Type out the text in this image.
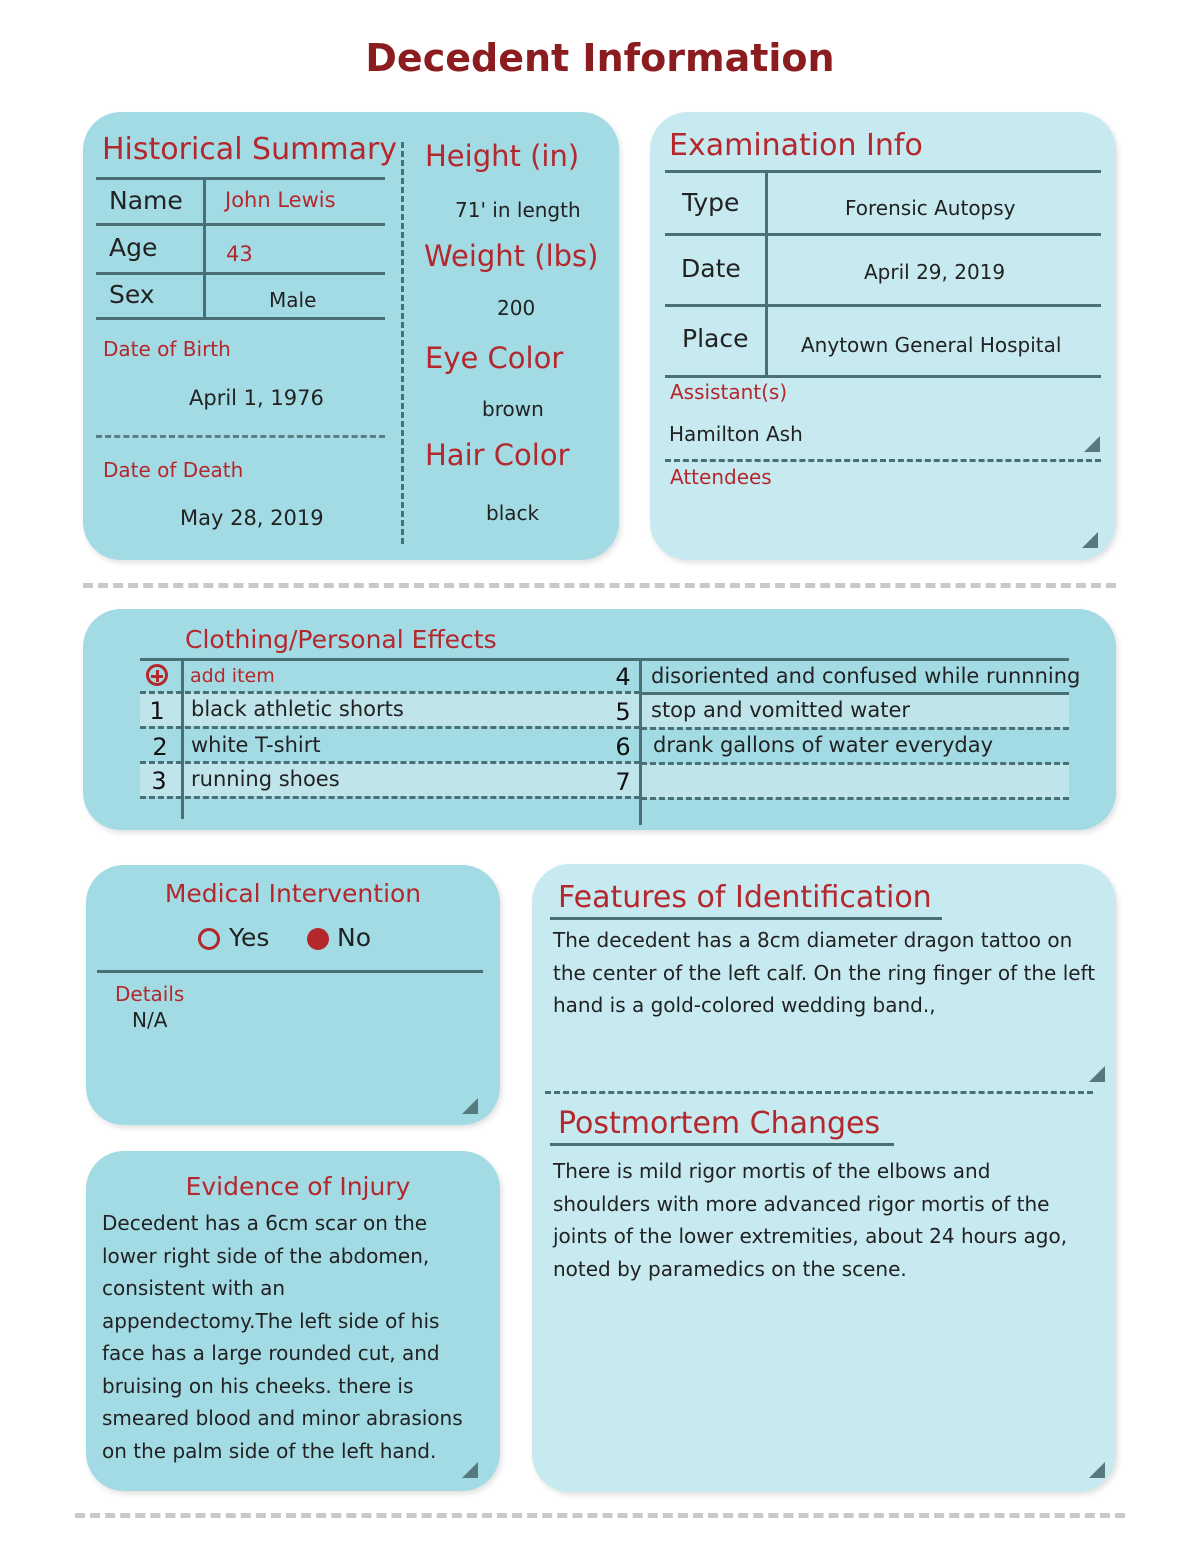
Decedent Information
Historical Summary
Name John Lewis
Age	43
Sex	Male
Date of Birth
April 1, 1976
Date of Death
May 28, 2019
Height (in)
71' in length
Weight (lbs)
200
Eye Color
brown
Hair Color
black
Examination Info
Type	Forensic Autopsy
Date	April 29, 2019
Place	Anytown General Hospital
Assistant(s)
Hamilton Ash
Attendees
Clothing/Personal Effects
add item
1	black athletic shorts
2	white T-shirt
3	running shoes
4 disoriented and confused while runnning
5 stop and vomitted water
6	drank gallons of water everyday
7
Medical Intervention
Yes	No
Details
N/A
Evidence of Injury
Decedent has a 6cm scar on the lower right side of the abdomen, consistent with an appendectomy.The left side of his face has a large rounded cut, and bruising on his cheeks. there is smeared blood and minor abrasions on the palm side of the left hand.
Features of Identification
The decedent has a 8cm diameter dragon tattoo on the center of the left calf. On the ring finger of the left hand is a gold-colored wedding band.,
Postmortem Changes
There is mild rigor mortis of the elbows and shoulders with more advanced rigor mortis of the joints of the lower extremities, about 24 hours ago, noted by paramedics on the scene.
